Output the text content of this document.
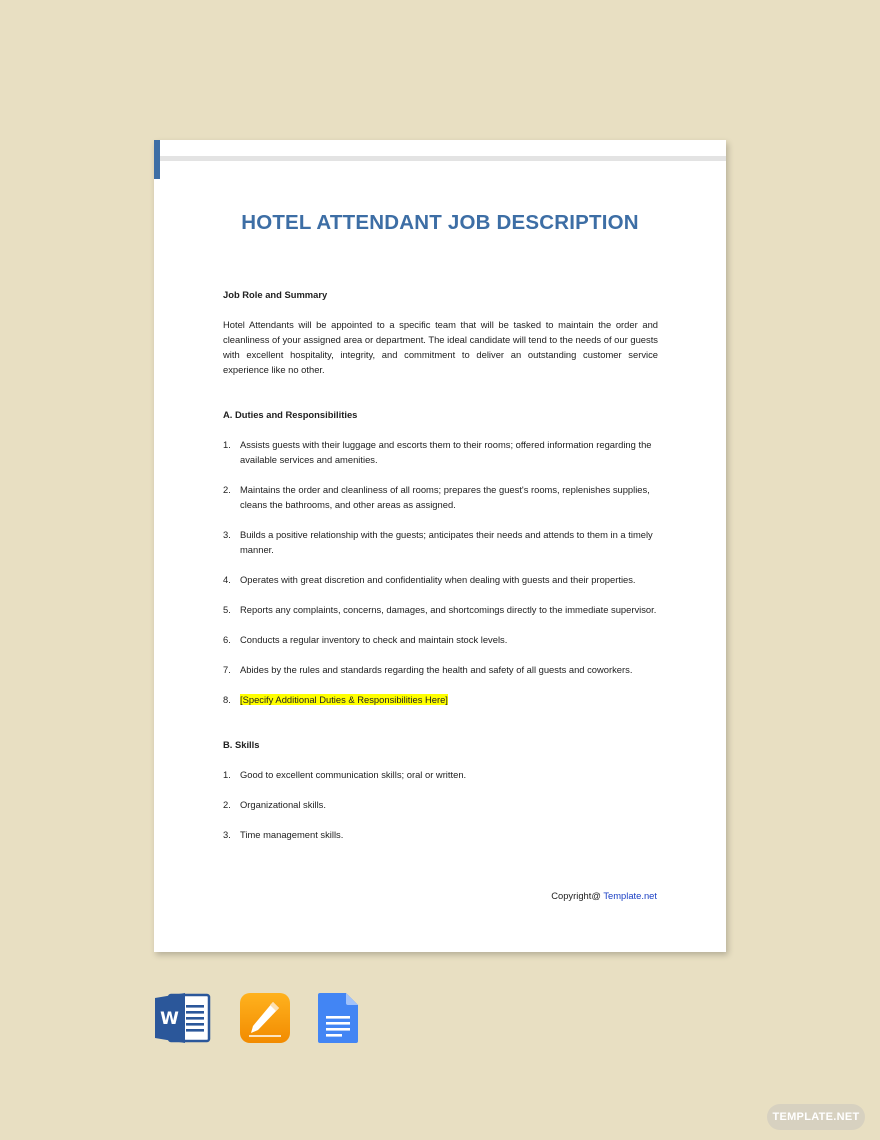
HOTEL ATTENDANT JOB DESCRIPTION

Job Role and Summary

Hotel Attendants will be appointed to a specific team that will be tasked to maintain the order and cleanliness of your assigned area or department. The ideal candidate will tend to the needs of our guests with excellent hospitality, integrity, and commitment to deliver an outstanding customer service experience like no other.

A. Duties and Responsibilities

1. Assists guests with their luggage and escorts them to their rooms; offered information regarding the available services and amenities.
2. Maintains the order and cleanliness of all rooms; prepares the guest's rooms, replenishes supplies, cleans the bathrooms, and other areas as assigned.
3. Builds a positive relationship with the guests; anticipates their needs and attends to them in a timely manner.
4. Operates with great discretion and confidentiality when dealing with guests and their properties.
5. Reports any complaints, concerns, damages, and shortcomings directly to the immediate supervisor.
6. Conducts a regular inventory to check and maintain stock levels.
7. Abides by the rules and standards regarding the health and safety of all guests and coworkers.
8. [Specify Additional Duties & Responsibilities Here]

B. Skills

1. Good to excellent communication skills; oral or written.
2. Organizational skills.
3. Time management skills.
Copyright@ Template.net
W
TEMPLATE.NET
